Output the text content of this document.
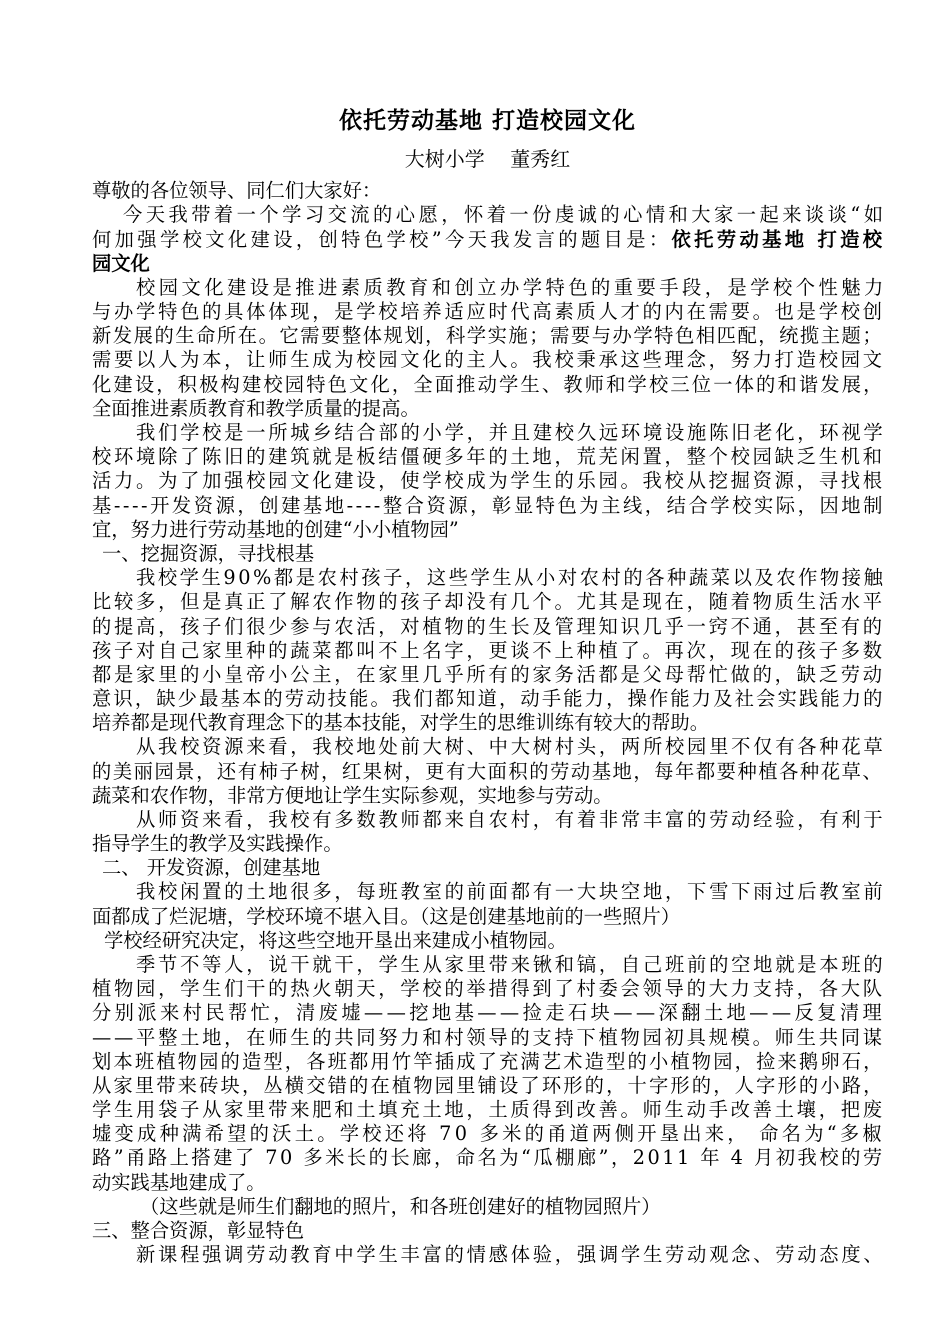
依托劳动基地 打造校园文化
大树小学    董秀红
尊敬的各位领导、同仁们大家好：
今天我带着一个学习交流的心愿，怀着一份虔诚的心情和大家一起来谈谈“如
何加强学校文化建设，创特色学校”今天我发言的题目是：依托劳动基地 打造校
园文化
校园文化建设是推进素质教育和创立办学特色的重要手段，是学校个性魅力
与办学特色的具体体现，是学校培养适应时代高素质人才的内在需要。也是学校创
新发展的生命所在。它需要整体规划，科学实施；需要与办学特色相匹配，统揽主题；
需要以人为本，让师生成为校园文化的主人。我校秉承这些理念，努力打造校园文
化建设，积极构建校园特色文化，全面推动学生、教师和学校三位一体的和谐发展，
全面推进素质教育和教学质量的提高。
我们学校是一所城乡结合部的小学，并且建校久远环境设施陈旧老化，环视学
校环境除了陈旧的建筑就是板结僵硬多年的土地，荒芜闲置，整个校园缺乏生机和
活力。为了加强校园文化建设，使学校成为学生的乐园。我校从挖掘资源，寻找根
基----开发资源，创建基地----整合资源，彰显特色为主线，结合学校实际，因地制
宜，努力进行劳动基地的创建“小小植物园”
一、挖掘资源，寻找根基
我校学生90%都是农村孩子，这些学生从小对农村的各种蔬菜以及农作物接触
比较多，但是真正了解农作物的孩子却没有几个。尤其是现在，随着物质生活水平
的提高，孩子们很少参与农活，对植物的生长及管理知识几乎一窍不通，甚至有的
孩子对自己家里种的蔬菜都叫不上名字，更谈不上种植了。再次，现在的孩子多数
都是家里的小皇帝小公主，在家里几乎所有的家务活都是父母帮忙做的，缺乏劳动
意识，缺少最基本的劳动技能。我们都知道，动手能力，操作能力及社会实践能力的
培养都是现代教育理念下的基本技能，对学生的思维训练有较大的帮助。
从我校资源来看，我校地处前大树、中大树村头，两所校园里不仅有各种花草
的美丽园景，还有柿子树，红果树，更有大面积的劳动基地，每年都要种植各种花草、
蔬菜和农作物，非常方便地让学生实际参观，实地参与劳动。
从师资来看，我校有多数教师都来自农村，有着非常丰富的劳动经验，有利于
指导学生的教学及实践操作。
二、 开发资源，创建基地
我校闲置的土地很多，每班教室的前面都有一大块空地，下雪下雨过后教室前
面都成了烂泥塘，学校环境不堪入目。（这是创建基地前的一些照片）
学校经研究决定，将这些空地开垦出来建成小植物园。
季节不等人，说干就干，学生从家里带来锹和镐，自己班前的空地就是本班的
植物园，学生们干的热火朝天，学校的举措得到了村委会领导的大力支持，各大队
分别派来村民帮忙，清废墟——挖地基——捡走石块——深翻土地——反复清理
——平整土地，在师生的共同努力和村领导的支持下植物园初具规模。师生共同谋
划本班植物园的造型，各班都用竹竿插成了充满艺术造型的小植物园，捡来鹅卵石，
从家里带来砖块，丛横交错的在植物园里铺设了环形的，十字形的，人字形的小路，
学生用袋子从家里带来肥和土填充土地，土质得到改善。师生动手改善土壤，把废
墟变成种满希望的沃土。学校还将 70 多米的甬道两侧开垦出来， 命名为“多椒
路”甬路上搭建了 70 多米长的长廊，命名为“瓜棚廊”，2011 年 4 月初我校的劳
动实践基地建成了。
（这些就是师生们翻地的照片，和各班创建好的植物园照片）
三、整合资源，彰显特色
新课程强调劳动教育中学生丰富的情感体验，强调学生劳动观念、劳动态度、
